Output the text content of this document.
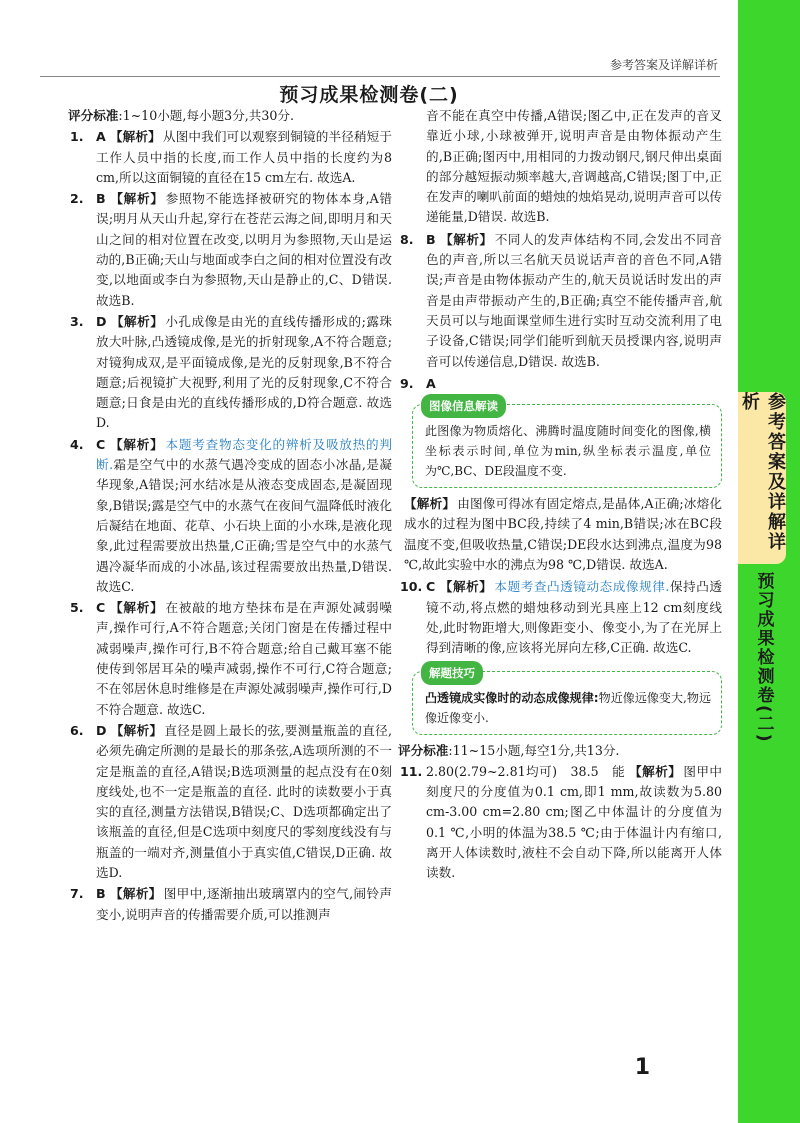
参考答案及详解详析
预习成果检测卷(二)
评分标准:1~10小题,每小题3分,共30分.
1. A 【解析】 从图中我们可以观察到铜镜的半径稍短于工作人员中指的长度,而工作人员中指的长度约为8 cm,所以这面铜镜的直径在15 cm左右. 故选A.
2. B 【解析】 参照物不能选择被研究的物体本身,A错误;明月从天山升起,穿行在苍茫云海之间,即明月和天山之间的相对位置在改变,以明月为参照物,天山是运动的,B正确;天山与地面或李白之间的相对位置没有改变,以地面或李白为参照物,天山是静止的,C、D错误. 故选B.
3. D 【解析】 小孔成像是由光的直线传播形成的;露珠放大叶脉,凸透镜成像,是光的折射现象,A不符合题意;对镜狗成双,是平面镜成像,是光的反射现象,B不符合题意;后视镜扩大视野,利用了光的反射现象,C不符合题意;日食是由光的直线传播形成的,D符合题意. 故选D.
4. C 【解析】 本题考查物态变化的辨析及吸放热的判断.霜是空气中的水蒸气遇冷变成的固态小冰晶,是凝华现象,A错误;河水结冰是从液态变成固态,是凝固现象,B错误;露是空气中的水蒸气在夜间气温降低时液化后凝结在地面、花草、小石块上面的小水珠,是液化现象,此过程需要放出热量,C正确;雪是空气中的水蒸气遇冷凝华而成的小冰晶,该过程需要放出热量,D错误. 故选C.
5. C 【解析】 在被敲的地方垫抹布是在声源处减弱噪声,操作可行,A不符合题意;关闭门窗是在传播过程中减弱噪声,操作可行,B不符合题意;给自己戴耳塞不能使传到邻居耳朵的噪声减弱,操作不可行,C符合题意;不在邻居休息时维修是在声源处减弱噪声,操作可行,D不符合题意. 故选C.
6. D 【解析】 直径是圆上最长的弦,要测量瓶盖的直径,必须先确定所测的是最长的那条弦,A选项所测的不一定是瓶盖的直径,A错误;B选项测量的起点没有在0刻度线处,也不一定是瓶盖的直径. 此时的读数要小于真实的直径,测量方法错误,B错误;C、D选项都确定出了该瓶盖的直径,但是C选项中刻度尺的零刻度线没有与瓶盖的一端对齐,测量值小于真实值,C错误,D正确. 故选D.
7. B 【解析】 图甲中,逐渐抽出玻璃罩内的空气,闹铃声变小,说明声音的传播需要介质,可以推测声
音不能在真空中传播,A错误;图乙中,正在发声的音叉靠近小球,小球被弹开,说明声音是由物体振动产生的,B正确;图丙中,用相同的力拨动钢尺,钢尺伸出桌面的部分越短振动频率越大,音调越高,C错误;图丁中,正在发声的喇叭前面的蜡烛的烛焰晃动,说明声音可以传递能量,D错误. 故选B.
8. B 【解析】 不同人的发声体结构不同,会发出不同音色的声音,所以三名航天员说话声音的音色不同,A错误;声音是由物体振动产生的,航天员说话时发出的声音是由声带振动产生的,B正确;真空不能传播声音,航天员可以与地面课堂师生进行实时互动交流利用了电子设备,C错误;同学们能听到航天员授课内容,说明声音可以传递信息,D错误. 故选B.
9. A
图像信息解读
此图像为物质熔化、沸腾时温度随时间变化的图像,横坐标表示时间,单位为min,纵坐标表示温度,单位为℃,BC、DE段温度不变.
【解析】 由图像可得冰有固定熔点,是晶体,A正确;冰熔化成水的过程为图中BC段,持续了4 min,B错误;冰在BC段温度不变,但吸收热量,C错误;DE段水达到沸点,温度为98 ℃,故此实验中水的沸点为98 ℃,D错误. 故选A.
10. C 【解析】 本题考查凸透镜动态成像规律.保持凸透镜不动,将点燃的蜡烛移动到光具座上12 cm刻度线处,此时物距增大,则像距变小、像变小,为了在光屏上得到清晰的像,应该将光屏向左移,C正确. 故选C.
解题技巧
凸透镜成实像时的动态成像规律:物近像远像变大,物远像近像变小.
评分标准:11~15小题,每空1分,共13分.
11. 2.80(2.79~2.81均可)　38.5　能 【解析】 图甲中刻度尺的分度值为0.1 cm,即1 mm,故读数为5.80 cm-3.00 cm=2.80 cm;图乙中体温计的分度值为0.1 ℃,小明的体温为38.5 ℃;由于体温计内有缩口,离开人体读数时,液柱不会自动下降,所以能离开人体读数.
1
参考答案及详解详析
预习成果检测卷(二)
